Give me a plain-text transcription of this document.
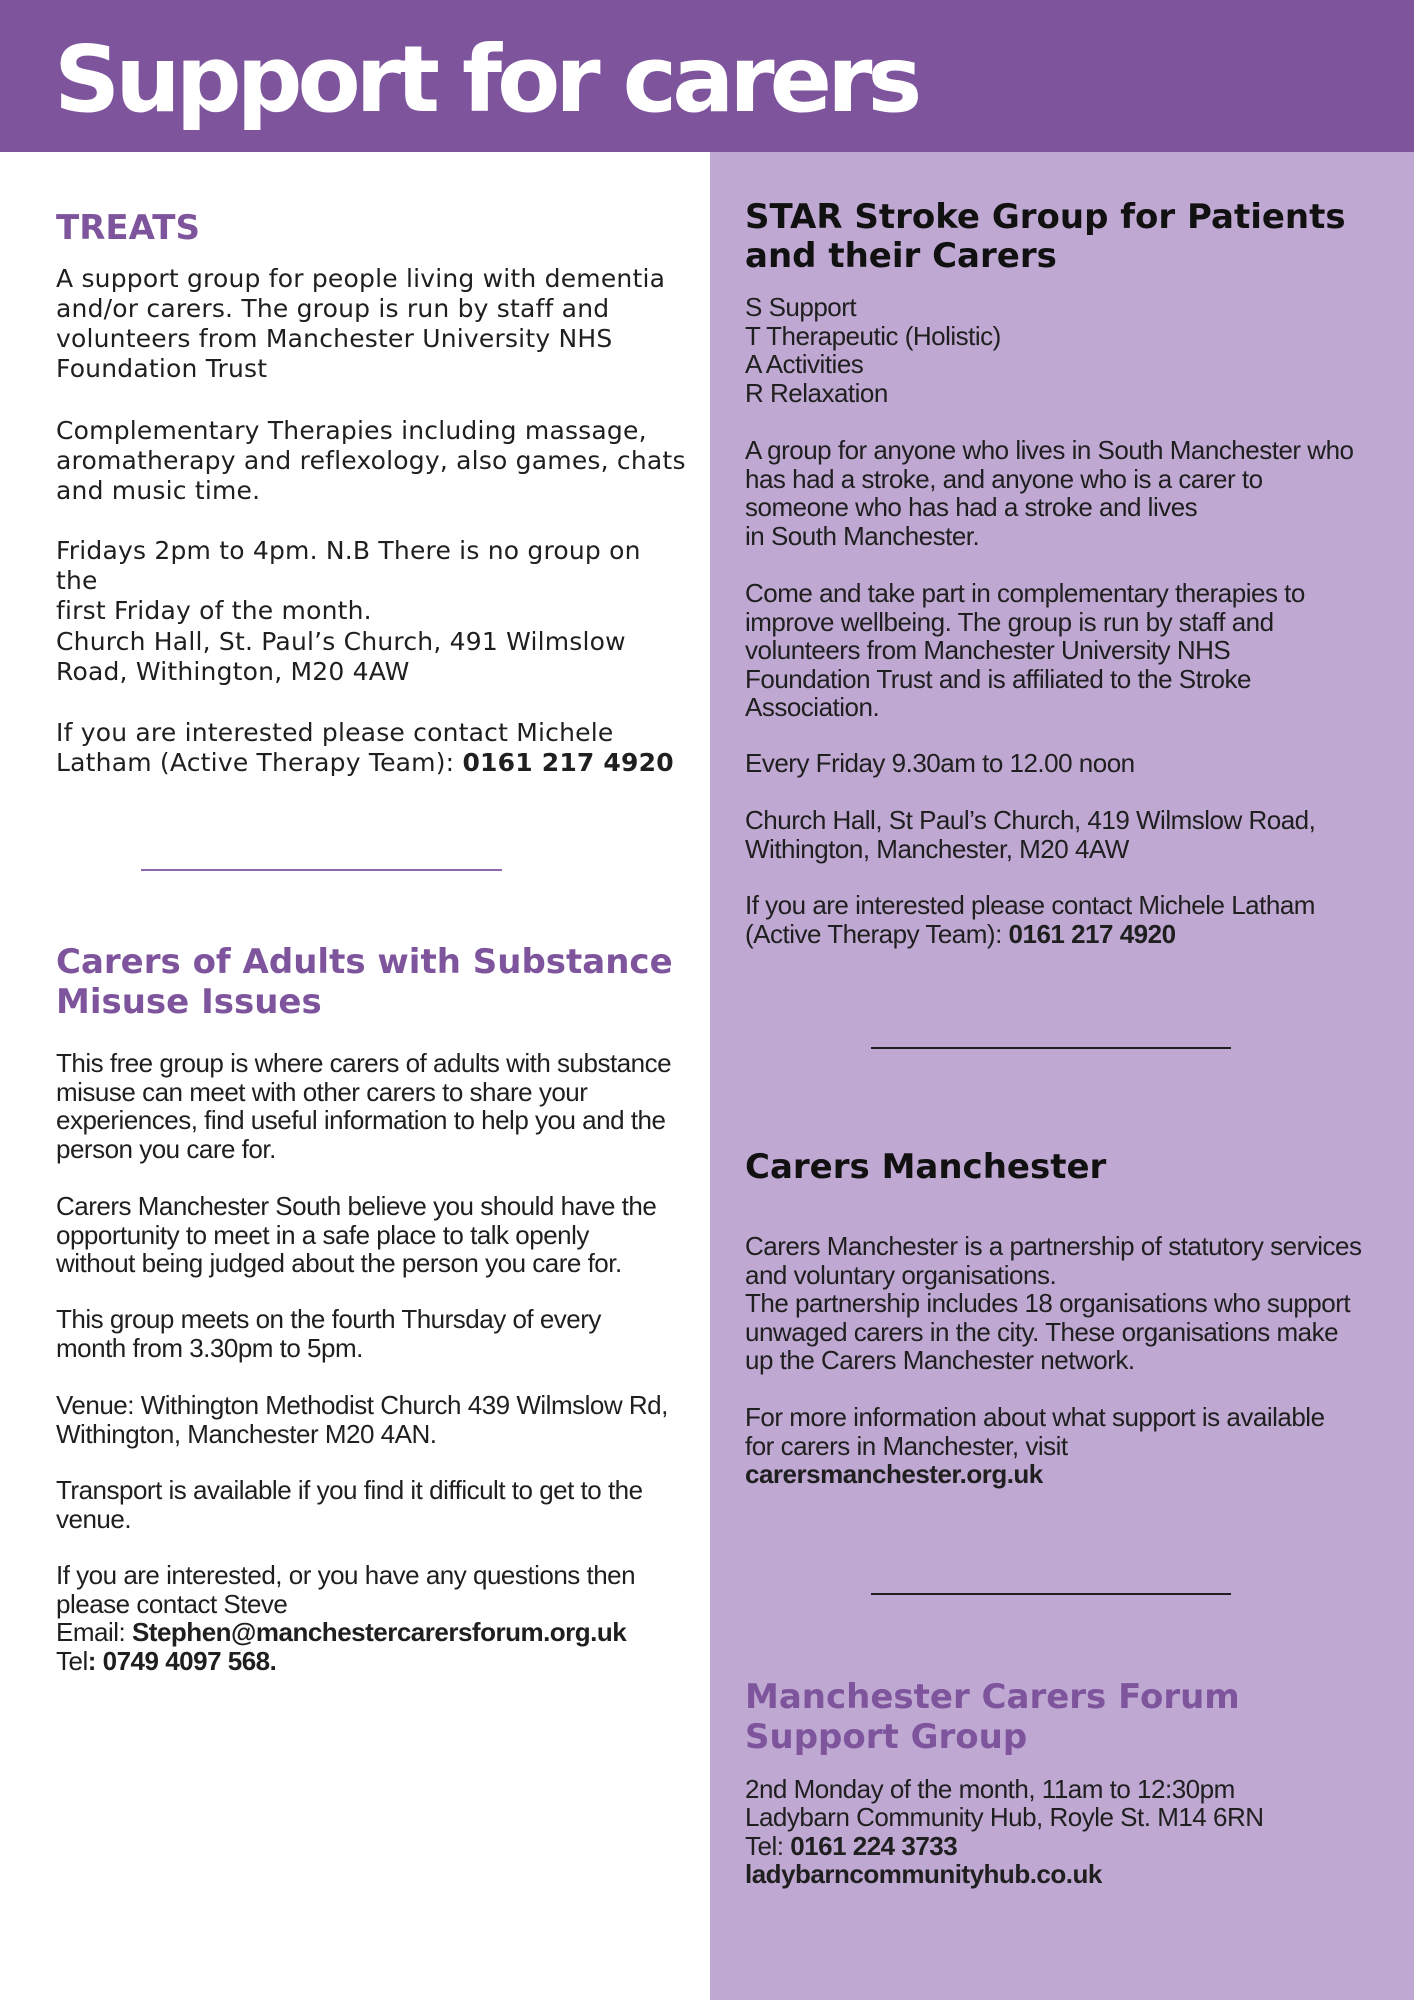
Support for carers
TREATS

A support group for people living with dementia
and/or carers. The group is run by staff and
volunteers from Manchester University NHS
Foundation Trust

Complementary Therapies including massage,
aromatherapy and reflexology, also games, chats
and music time.

Fridays 2pm to 4pm. N.B There is no group on the
first Friday of the month.

Church Hall, St. Paul’s Church, 491 Wilmslow
Road, Withington, M20 4AW

If you are interested please contact Michele
Latham (Active Therapy Team): 0161 217 4920

Carers of Adults with Substance
Misuse Issues

This free group is where carers of adults with substance
misuse can meet with other carers to share your
experiences, find useful information to help you and the
person you care for.

Carers Manchester South believe you should have the
opportunity to meet in a safe place to talk openly
without being judged about the person you care for.

This group meets on the fourth Thursday of every
month from 3.30pm to 5pm.

Venue: Withington Methodist Church 439 Wilmslow Rd,
Withington, Manchester M20 4AN.

Transport is available if you find it difficult to get to the
venue.

If you are interested, or you have any questions then
please contact Steve

Email: Stephen@manchestercarersforum.org.uk

Tel: 0749 4097 568.

STAR Stroke Group for Patients
and their Carers

S Support
T Therapeutic (Holistic)
A Activities
R Relaxation

A group for anyone who lives in South Manchester who
has had a stroke, and anyone who is a carer to
someone who has had a stroke and lives
in South Manchester.

Come and take part in complementary therapies to
improve wellbeing. The group is run by staff and
volunteers from Manchester University NHS
Foundation Trust and is affiliated to the Stroke
Association.

Every Friday 9.30am to 12.00 noon

Church Hall, St Paul’s Church, 419 Wilmslow Road,
Withington, Manchester, M20 4AW

If you are interested please contact Michele Latham
(Active Therapy Team): 0161 217 4920

Carers Manchester

Carers Manchester is a partnership of statutory services
and voluntary organisations.
The partnership includes 18 organisations who support
unwaged carers in the city. These organisations make
up the Carers Manchester network.

For more information about what support is available
for carers in Manchester, visit

carersmanchester.org.uk

Manchester Carers Forum
Support Group

2nd Monday of the month, 11am to 12:30pm

Ladybarn Community Hub, Royle St. M14 6RN

Tel: 0161 224 3733

ladybarncommunityhub.co.uk
